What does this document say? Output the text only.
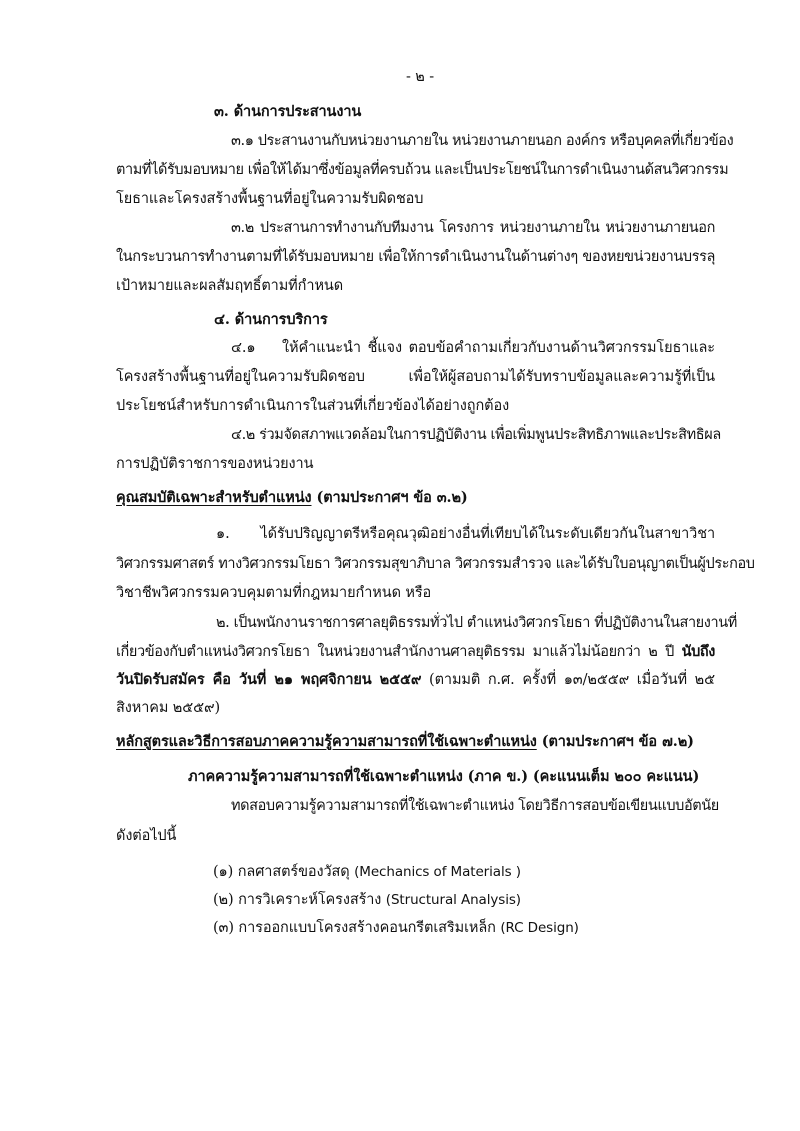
- ๒ -
๓. ด้านการประสานงาน
๓.๑ ประสานงานกับหน่วยงานภายใน หน่วยงานภายนอก องค์กร หรือบุคคลที่เกี่ยวข้อง
ตามที่ได้รับมอบหมาย เพื่อให้ได้มาซึ่งข้อมูลที่ครบถ้วน และเป็นประโยชน์ในการดำเนินงานด้สนวิศวกรรม
โยธาและโครงสร้างพื้นฐานที่อยู่ในความรับผิดชอบ
๓.๒ ประสานการทำงานกับทีมงาน โครงการ หน่วยงานภายใน หน่วยงานภายนอก
ในกระบวนการทำงานตามที่ได้รับมอบหมาย เพื่อให้การดำเนินงานในด้านต่างๆ ของหยขน่วยงานบรรลุ
เป้าหมายและผลสัมฤทธิ์ตามที่กำหนด
๔. ด้านการบริการ
๔.๑    ให้คำแนะนำ ชี้แจง ตอบข้อคำถามเกี่ยวกับงานด้านวิศวกรรมโยธาและ
โครงสร้างพื้นฐานที่อยู่ในความรับผิดชอบ เพื่อให้ผู้สอบถามได้รับทราบข้อมูลและความรู้ที่เป็น
ประโยชน์สำหรับการดำเนินการในส่วนที่เกี่ยวข้องได้อย่างถูกต้อง
๔.๒ ร่วมจัดสภาพแวดล้อมในการปฏิบัติงาน เพื่อเพิ่มพูนประสิทธิภาพและประสิทธิผล
การปฏิบัติราชการของหน่วยงาน
คุณสมบัติเฉพาะสำหรับตำแหน่ง (ตามประกาศฯ ข้อ ๓.๒)
๑. ได้รับปริญญาตรีหรือคุณวุฒิอย่างอื่นที่เทียบได้ในระดับเดียวกันในสาขาวิชา
วิศวกรรมศาสตร์ ทางวิศวกรรมโยธา วิศวกรรมสุขาภิบาล วิศวกรรมสำรวจ และได้รับใบอนุญาตเป็นผู้ประกอบ
วิชาชีพวิศวกรรมควบคุมตามที่กฎหมายกำหนด หรือ
๒. เป็นพนักงานราชการศาลยุติธรรมทั่วไป ตำแหน่งวิศวกรโยธา ที่ปฏิบัติงานในสายงานที่
เกี่ยวข้องกับตำแหน่งวิศวกรโยธา ในหน่วยงานสำนักงานศาลยุติธรรม มาแล้วไม่น้อยกว่า ๒ ปี นับถึง
วันปิดรับสมัคร คือ วันที่ ๒๑ พฤศจิกายน ๒๕๕๙ (ตามมติ ก.ศ. ครั้งที่ ๑๓/๒๕๕๙ เมื่อวันที่ ๒๕
สิงหาคม ๒๕๕๙)
หลักสูตรและวิธีการสอบภาคความรู้ความสามารถที่ใช้เฉพาะตำแหน่ง (ตามประกาศฯ ข้อ ๗.๒)
ภาคความรู้ความสามารถที่ใช้เฉพาะตำแหน่ง (ภาค ข.) (คะแนนเต็ม ๒๐๐ คะแนน)
ทดสอบความรู้ความสามารถที่ใช้เฉพาะตำแหน่ง โดยวิธีการสอบข้อเขียนแบบอัตนัย
ดังต่อไปนี้
(๑) กลศาสตร์ของวัสดุ (Mechanics of Materials )
(๒) การวิเคราะห์โครงสร้าง (Structural Analysis)
(๓) การออกแบบโครงสร้างคอนกรีตเสริมเหล็ก (RC Design)
